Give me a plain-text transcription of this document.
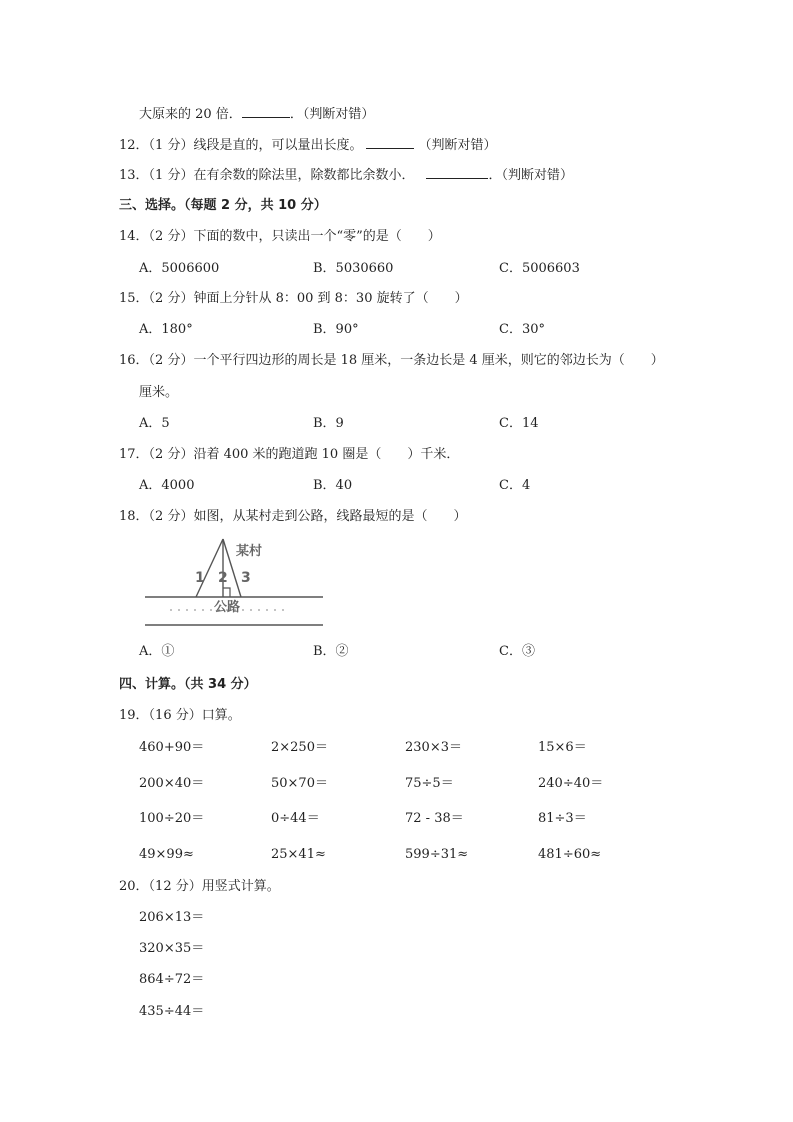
大原来的 20 倍．	．（判断对错）
12．（1 分）线段是直的，可以量出长度。	（判断对错）
13．（1 分）在有余数的除法里，除数都比余数小．	．（判断对错）
三、选择。（每题 2 分，共 10 分）
14．（2 分）下面的数中，只读出一个“零”的是（　　）
A．5006600	B．5030660	C．5006603
15．（2 分）钟面上分针从 8：00 到 8：30 旋转了（　　）
A．180°	B．90°	C．30°
16．（2 分）一个平行四边形的周长是 18 厘米，一条边长是 4 厘米，则它的邻边长为（　　）
厘米。
A．5	B．9	C．14
17．（2 分）沿着 400 米的跑道跑 10 圈是（　　）千米．
A．4000	B．40	C．4
18．（2 分）如图，从某村走到公路，线路最短的是（　　）
某村
1 2 3
公路
A．①	B．②	C．③
四、计算。（共 34 分）
19．（16 分）口算。
460+90＝	2×250＝	230×3＝	15×6＝
200×40＝	50×70＝	75÷5＝	240÷40＝
100÷20＝	0÷44＝	72 - 38＝	81÷3＝
49×99≈	25×41≈	599÷31≈	481÷60≈
20．（12 分）用竖式计算。
206×13＝
320×35＝
864÷72＝
435÷44＝
